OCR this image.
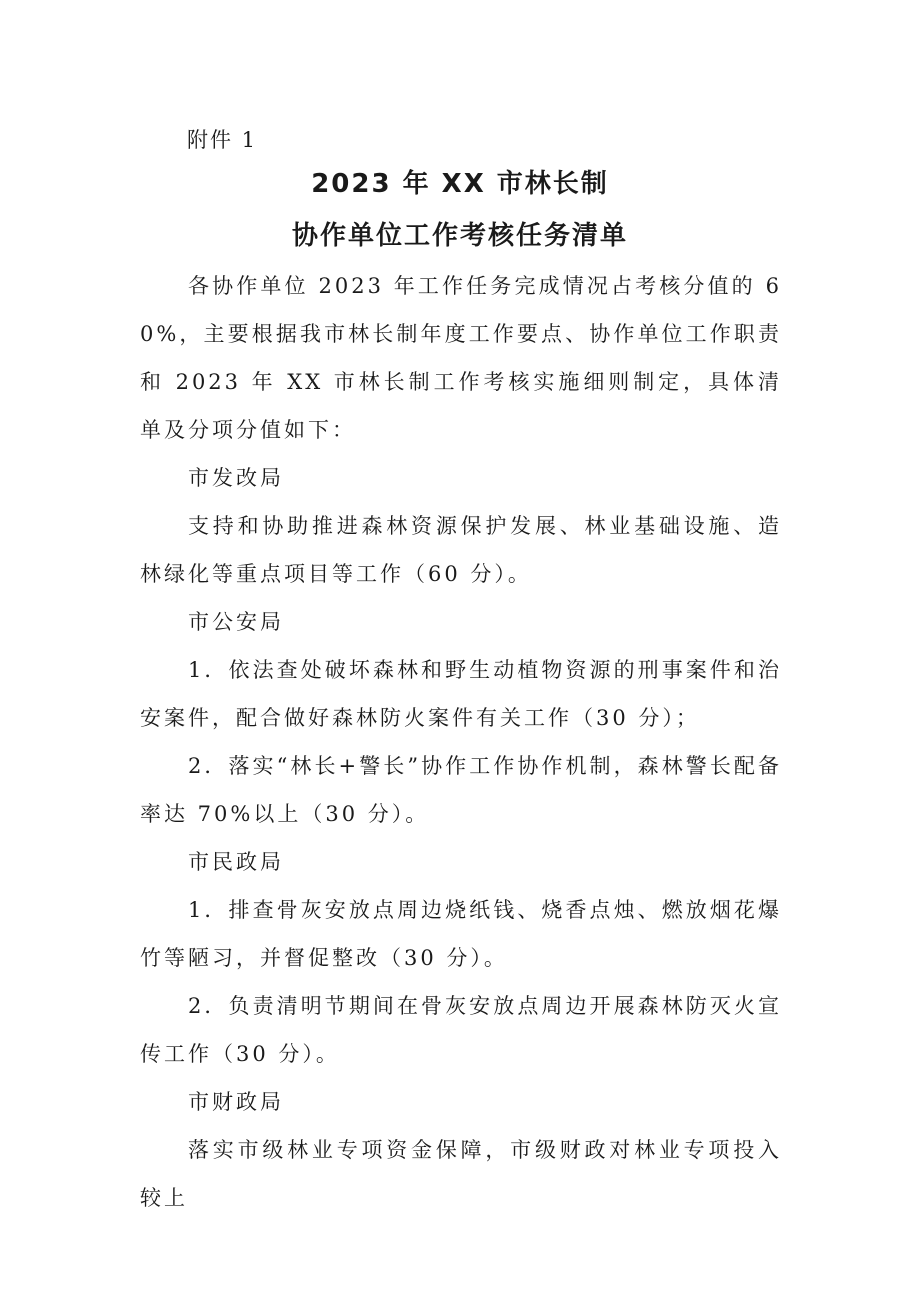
附件 1
2023 年 XX 市林长制
协作单位工作考核任务清单

各协作单位 2023 年工作任务完成情况占考核分值的 60%，主要根据我市林长制年度工作要点、协作单位工作职责和 2023 年 XX 市林长制工作考核实施细则制定，具体清单及分项分值如下：

市发改局

支持和协助推进森林资源保护发展、林业基础设施、造林绿化等重点项目等工作（60 分）。

市公安局

1．依法查处破坏森林和野生动植物资源的刑事案件和治安案件，配合做好森林防火案件有关工作（30 分）；

2．落实“林长+警长”协作工作协作机制，森林警长配备率达 70%以上（30 分）。

市民政局

1．排查骨灰安放点周边烧纸钱、烧香点烛、燃放烟花爆竹等陋习，并督促整改（30 分）。

2．负责清明节期间在骨灰安放点周边开展森林防灭火宣传工作（30 分）。

市财政局

落实市级林业专项资金保障，市级财政对林业专项投入较上
